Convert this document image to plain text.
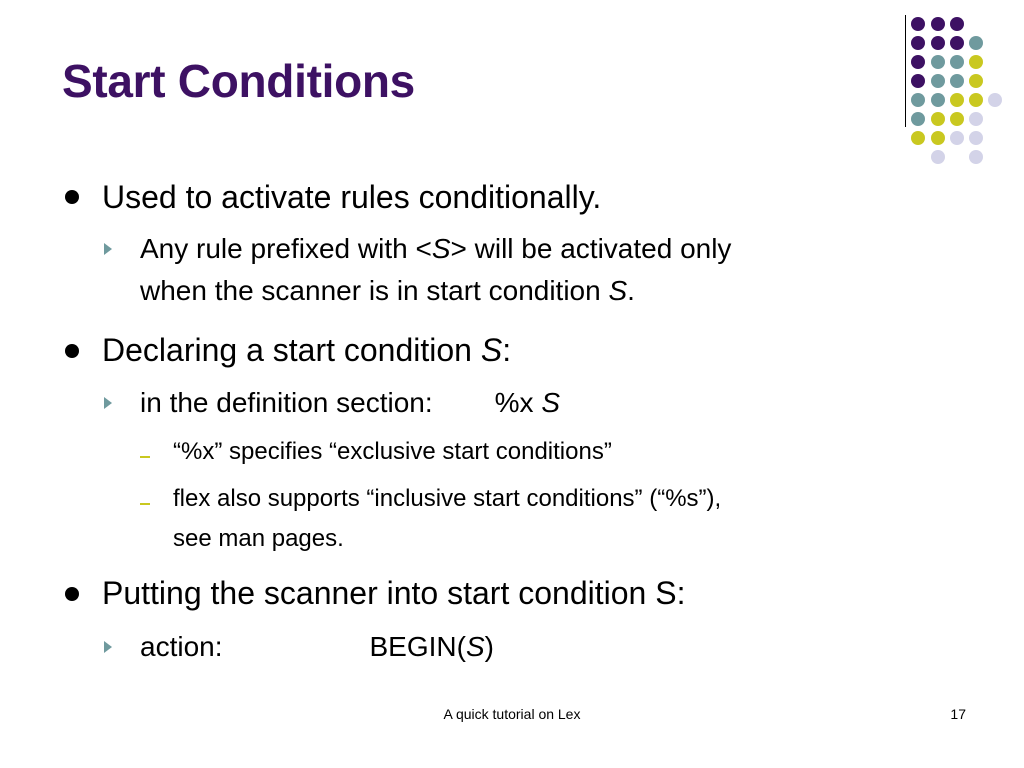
Start Conditions
Used to activate rules conditionally.
Any rule prefixed with <S> will be activated only
when the scanner is in start condition S.
Declaring a start condition S:
in the definition section: %x S
“%x” specifies “exclusive start conditions”
flex also supports “inclusive start conditions” (“%s”),
see man pages.
Putting the scanner into start condition S:
action:	BEGIN(S)
A quick tutorial on Lex	17
